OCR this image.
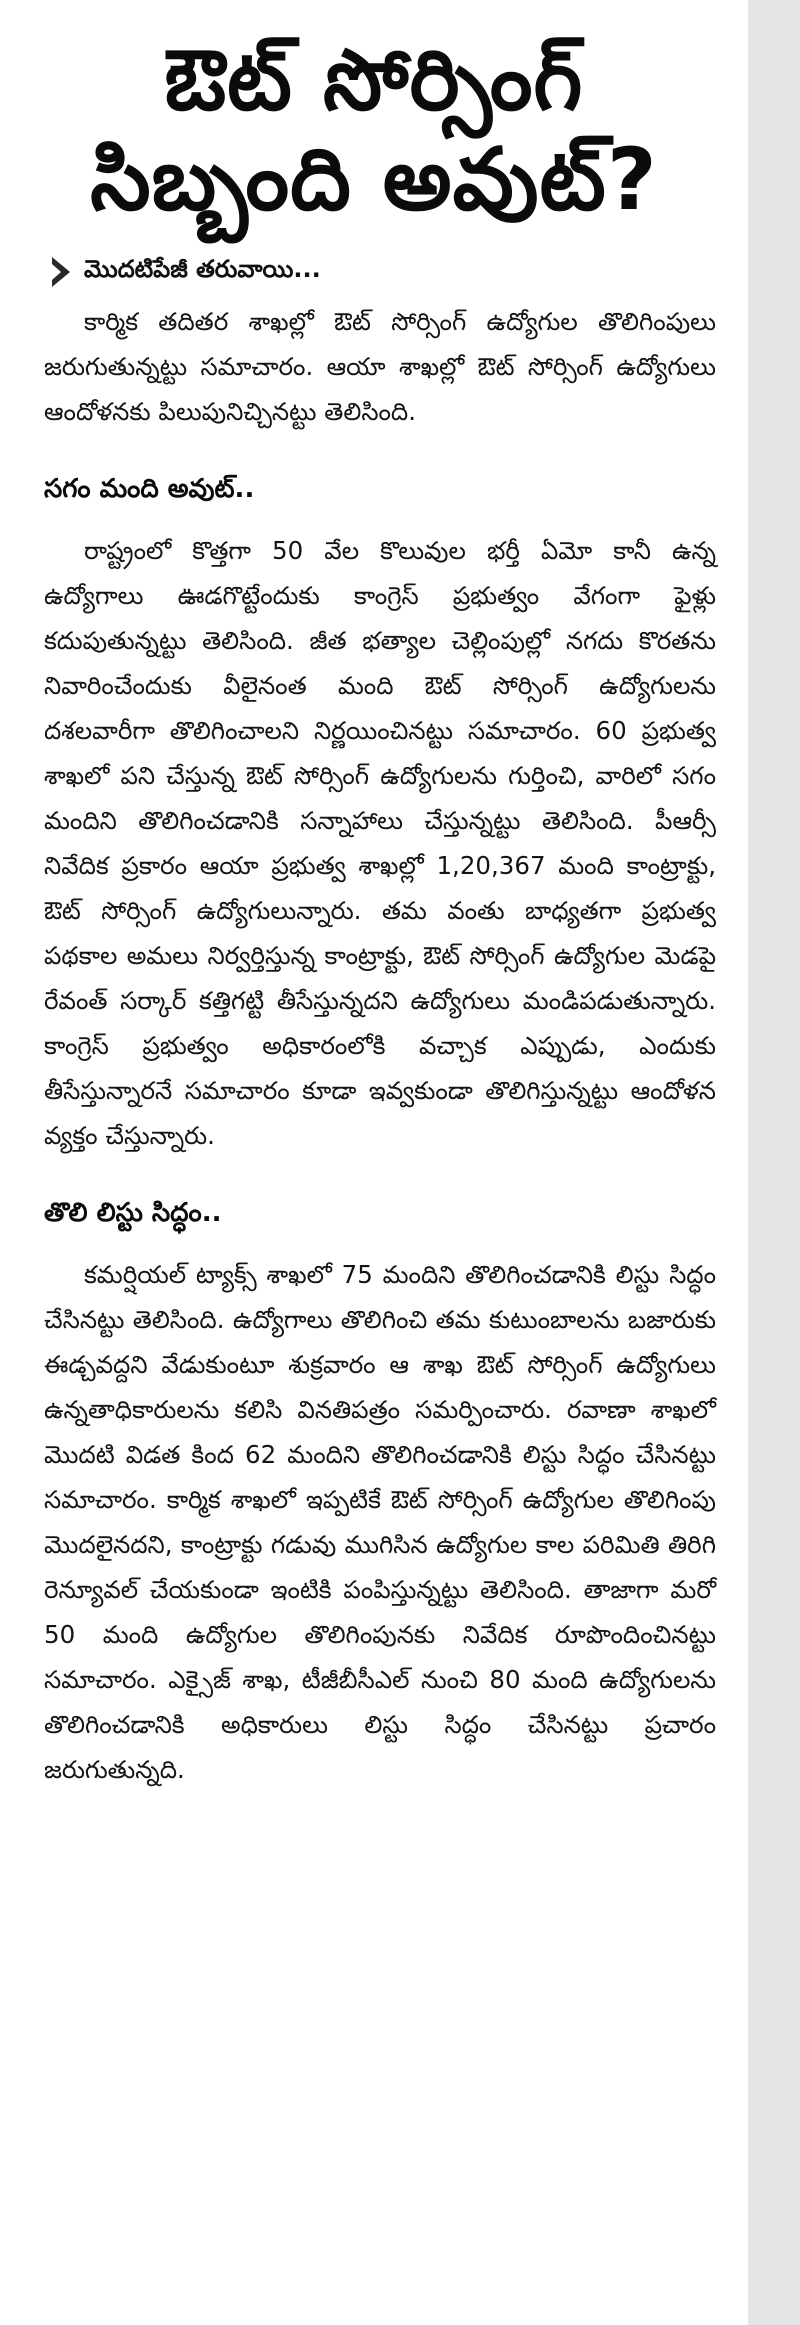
ఔట్ సోర్సింగ్
సిబ్బంది అవుట్?
మొదటిపేజీ తరువాయి...

కార్మిక తదితర శాఖల్లో ఔట్ సోర్సింగ్ ఉద్యోగుల తొలిగింపులు జరుగుతున్నట్టు సమాచారం. ఆయా శాఖల్లో ఔట్ సోర్సింగ్ ఉద్యోగులు ఆందోళనకు పిలుపునిచ్చినట్టు తెలిసింది.

సగం మంది అవుట్..

రాష్ట్రంలో కొత్తగా 50 వేల కొలువుల భర్తీ ఏమో కానీ ఉన్న ఉద్యోగాలు ఊడగొట్టేందుకు కాంగ్రెస్ ప్రభుత్వం వేగంగా ఫైళ్లు కదుపుతున్నట్టు తెలిసింది. జీత భత్యాల చెల్లింపుల్లో నగదు కొరతను నివారించేందుకు వీలైనంత మంది ఔట్ సోర్సింగ్ ఉద్యోగులను దశలవారీగా తొలిగించాలని నిర్ణయించినట్టు సమాచారం. 60 ప్రభుత్వ శాఖలో పని చేస్తున్న ఔట్ సోర్సింగ్ ఉద్యోగులను గుర్తించి, వారిలో సగం మందిని తొలిగించడానికి సన్నాహాలు చేస్తున్నట్టు తెలిసింది. పీఆర్సీ నివేదిక ప్రకారం ఆయా ప్రభుత్వ శాఖల్లో 1,20,367 మంది కాంట్రాక్టు, ఔట్ సోర్సింగ్ ఉద్యోగులున్నారు. తమ వంతు బాధ్యతగా ప్రభుత్వ పథకాల అమలు నిర్వర్తిస్తున్న కాంట్రాక్టు, ఔట్ సోర్సింగ్ ఉద్యోగుల మెడపై రేవంత్ సర్కార్ కత్తిగట్టి తీసేస్తున్నదని ఉద్యోగులు మండిపడుతున్నారు. కాంగ్రెస్ ప్రభుత్వం అధికారంలోకి వచ్చాక ఎప్పుడు, ఎందుకు తీసేస్తున్నారనే సమాచారం కూడా ఇవ్వకుండా తొలిగిస్తున్నట్టు ఆందోళన వ్యక్తం చేస్తున్నారు.

తొలి లిస్టు సిద్ధం..

కమర్షియల్ ట్యాక్స్ శాఖలో 75 మందిని తొలిగించడానికి లిస్టు సిద్ధం చేసినట్టు తెలిసింది. ఉద్యోగాలు తొలిగించి తమ కుటుంబాలను బజారుకు ఈడ్చవద్దని వేడుకుంటూ శుక్రవారం ఆ శాఖ ఔట్ సోర్సింగ్ ఉద్యోగులు ఉన్నతాధికారులను కలిసి వినతిపత్రం సమర్పించారు. రవాణా శాఖలో మొదటి విడత కింద 62 మందిని తొలిగించడానికి లిస్టు సిద్ధం చేసినట్టు సమాచారం. కార్మిక శాఖలో ఇప్పటికే ఔట్ సోర్సింగ్ ఉద్యోగుల తొలిగింపు మొదలైనదని, కాంట్రాక్టు గడువు ముగిసిన ఉద్యోగుల కాల పరిమితి తిరిగి రెన్యూవల్ చేయకుండా ఇంటికి పంపిస్తున్నట్టు తెలిసింది. తాజాగా మరో 50 మంది ఉద్యోగుల తొలిగింపునకు నివేదిక రూపొందించినట్టు సమాచారం. ఎక్సైజ్ శాఖ, టీజీబీసీఎల్ నుంచి 80 మంది ఉద్యోగులను తొలిగించడానికి అధికారులు లిస్టు సిద్ధం చేసినట్టు ప్రచారం జరుగుతున్నది.
